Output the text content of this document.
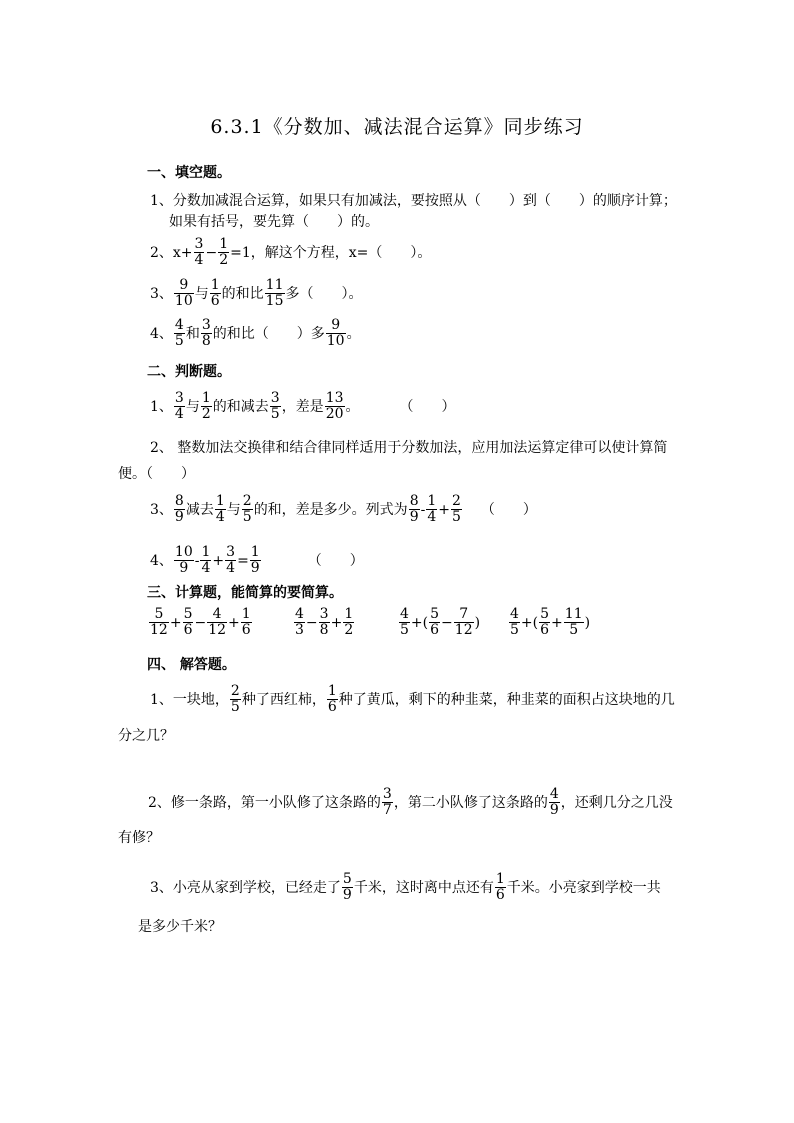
6.3.1《分数加、减法混合运算》同步练习
一、填空题。
1、分数加减混合运算，如果只有加减法，要按照从（　　）到（　　）的顺序计算；
如果有括号，要先算（　　）的。
2、$x+ \frac{3}{4} - \frac{1}{2} =1$，解这个方程，x=（　　）。
3、
9
10 与
1
6 的和比
11
15 多（　　）。
4、
4
5 和
3
8 的和比（　　）多
9
10 。
二、判断题。
1、
3
4 与
1
2 的和减去
3
5 ，差是
13
20 。	（　　）
2、 整数加法交换律和结合律同样适用于分数加法，应用加法运算定律可以使计算简
便。（　　）
3、
8
9 减去
1
4 与
2
5 的和，差是多少。列式为
8
9 -
1
$4 + \frac{2}{5}$ （　　）
4、
10
9 -
1
$4 + \frac{3}{4} = \frac{1}{9}$	（　　）
三、计算题，能简算的要简算。
5
$12 + \frac{5}{6} - \frac{4}{12} + \frac{1}{6}$	4
$3 - \frac{3}{8} + \frac{1}{2}$	4
5 +(
5
$6 - \frac{7}{12}$ )
4
5 +(
5
$6 + \frac{11}{5}$ )
四、 解答题。
1、一块地，
2
5 种了西红柿，
1
6 种了黄瓜，剩下的种韭菜，种韭菜的面积占这块地的几
分之几？
2、修一条路，第一小队修了这条路的
3
7 ，第二小队修了这条路的
4
9 ，还剩几分之几没
有修？
3、小亮从家到学校，已经走了
5
9 千米，这时离中点还有
1
6 千米。小亮家到学校一共
是多少千米？
